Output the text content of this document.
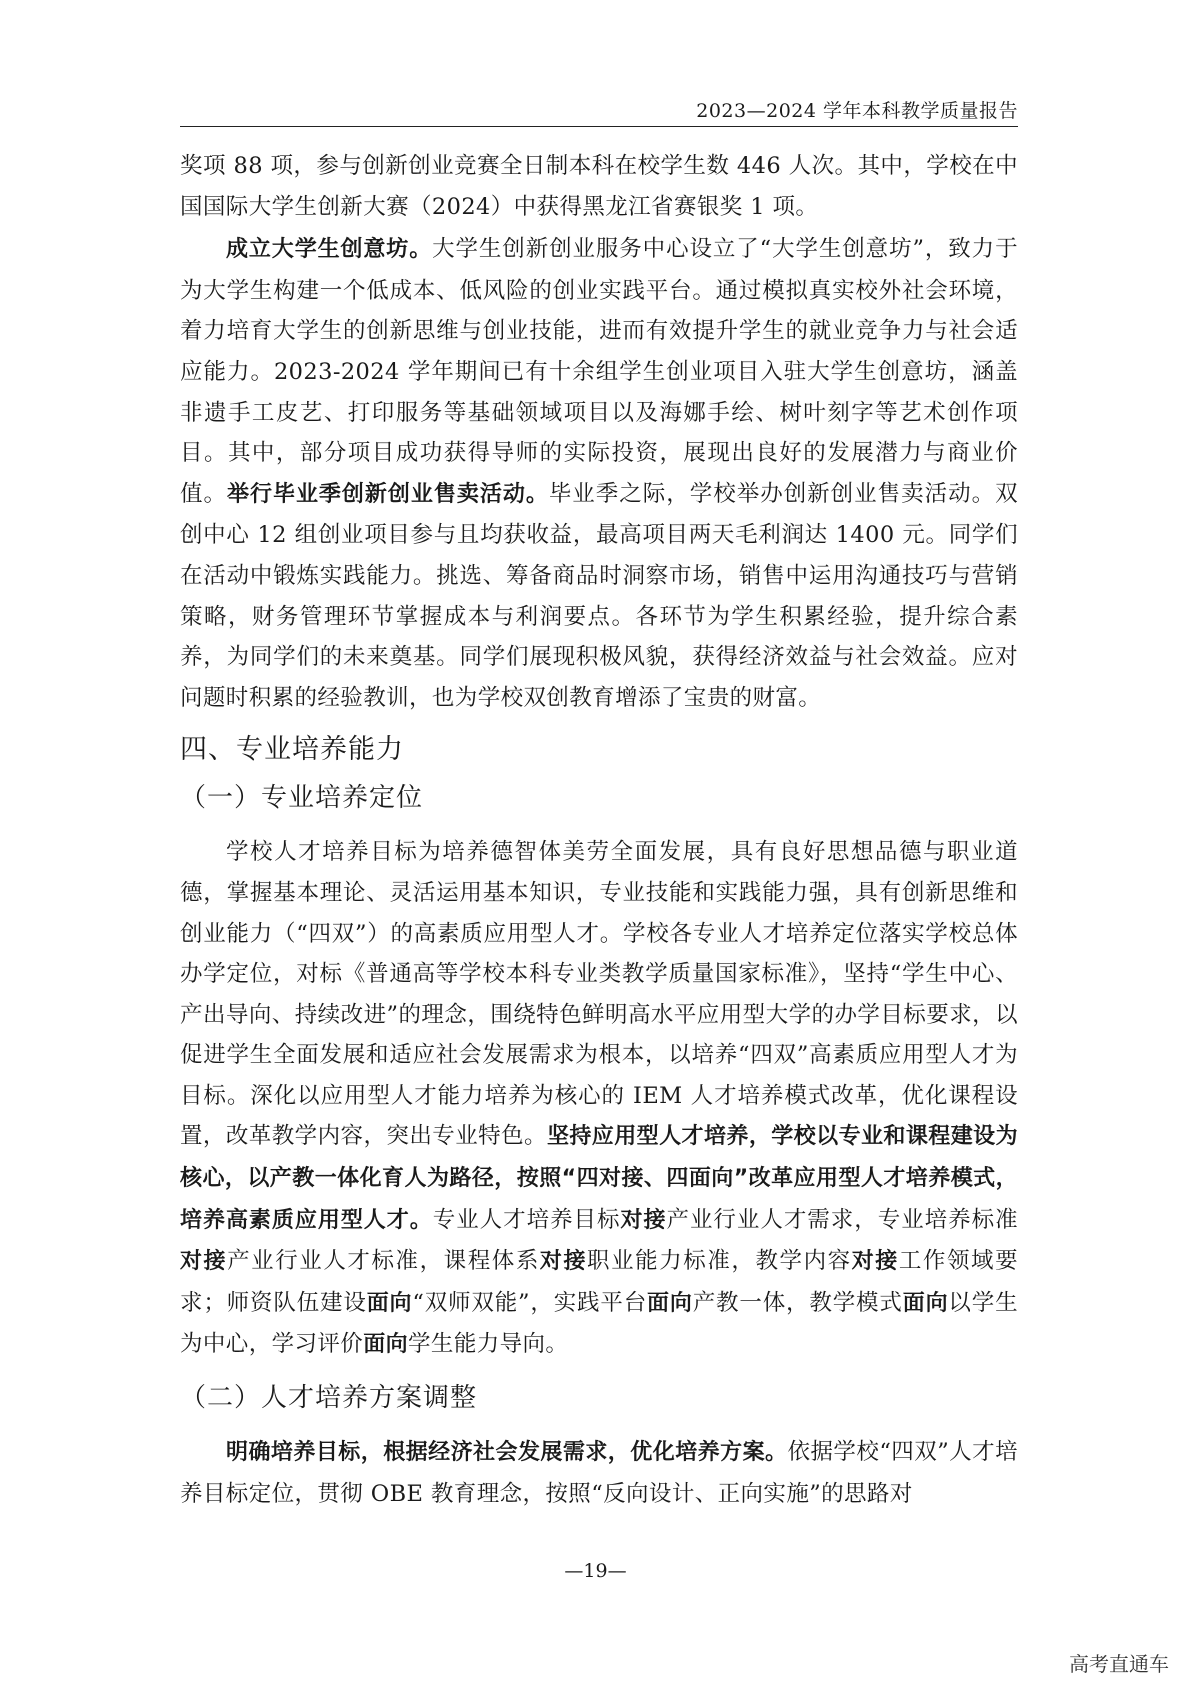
2023—2024 学年本科教学质量报告

奖项 88 项，参与创新创业竞赛全日制本科在校学生数 446 人次。其中，学校在中国国际大学生创新大赛（2024）中获得黑龙江省赛银奖 1 项。

成立大学生创意坊。大学生创新创业服务中心设立了“大学生创意坊”，致力于为大学生构建一个低成本、低风险的创业实践平台。通过模拟真实校外社会环境，着力培育大学生的创新思维与创业技能，进而有效提升学生的就业竞争力与社会适应能力。2023-2024 学年期间已有十余组学生创业项目入驻大学生创意坊，涵盖非遗手工皮艺、打印服务等基础领域项目以及海娜手绘、树叶刻字等艺术创作项目。其中，部分项目成功获得导师的实际投资，展现出良好的发展潜力与商业价值。举行毕业季创新创业售卖活动。毕业季之际，学校举办创新创业售卖活动。双创中心 12 组创业项目参与且均获收益，最高项目两天毛利润达 1400 元。同学们在活动中锻炼实践能力。挑选、筹备商品时洞察市场，销售中运用沟通技巧与营销策略，财务管理环节掌握成本与利润要点。各环节为学生积累经验，提升综合素养，为同学们的未来奠基。同学们展现积极风貌，获得经济效益与社会效益。应对问题时积累的经验教训，也为学校双创教育增添了宝贵的财富。

四、专业培养能力
（一）专业培养定位

学校人才培养目标为培养德智体美劳全面发展，具有良好思想品德与职业道德，掌握基本理论、灵活运用基本知识，专业技能和实践能力强，具有创新思维和创业能力（“四双”）的高素质应用型人才。学校各专业人才培养定位落实学校总体办学定位，对标《普通高等学校本科专业类教学质量国家标准》，坚持“学生中心、产出导向、持续改进”的理念，围绕特色鲜明高水平应用型大学的办学目标要求，以促进学生全面发展和适应社会发展需求为根本，以培养“四双”高素质应用型人才为目标。深化以应用型人才能力培养为核心的 IEM 人才培养模式改革，优化课程设置，改革教学内容，突出专业特色。坚持应用型人才培养，学校以专业和课程建设为核心，以产教一体化育人为路径，按照“四对接、四面向”改革应用型人才培养模式，培养高素质应用型人才。专业人才培养目标对接产业行业人才需求，专业培养标准对接产业行业人才标准，课程体系对接职业能力标准，教学内容对接工作领域要求；师资队伍建设面向“双师双能”，实践平台面向产教一体，教学模式面向以学生为中心，学习评价面向学生能力导向。

（二）人才培养方案调整

明确培养目标，根据经济社会发展需求，优化培养方案。依据学校“四双”人才培养目标定位，贯彻 OBE 教育理念，按照“反向设计、正向实施”的思路对

—19—
高考直通车
